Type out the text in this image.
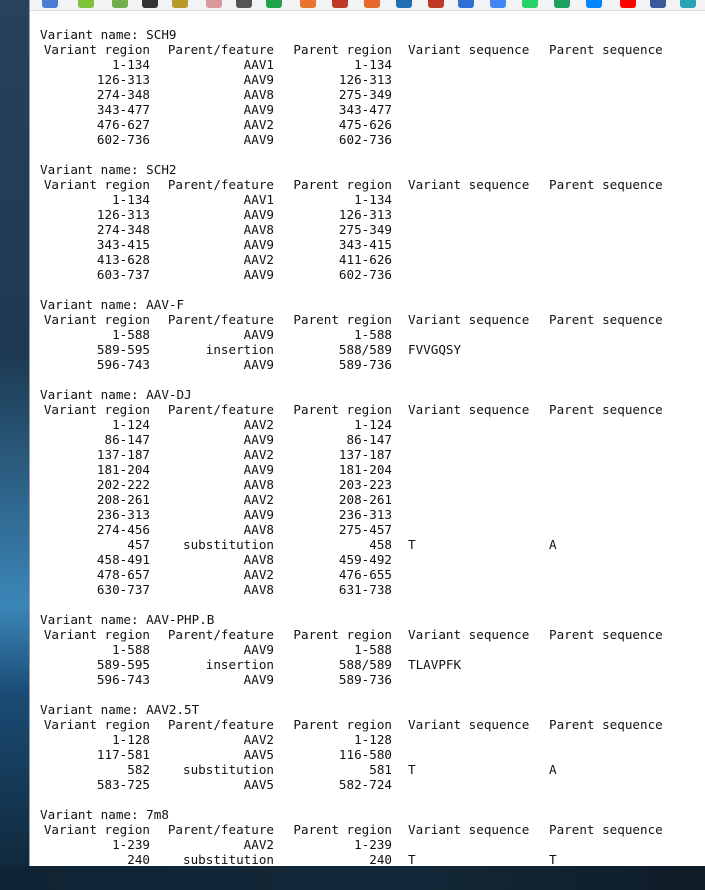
Variant name: SCH9
Variant region Parent/feature Parent region Variant sequence Parent sequence
1-134	AAV1	1-134
126-313	AAV9	126-313
274-348	AAV8	275-349
343-477	AAV9	343-477
476-627	AAV2	475-626
602-736	AAV9	602-736
Variant name: SCH2
Variant region Parent/feature Parent region Variant sequence Parent sequence
1-134	AAV1	1-134
126-313	AAV9	126-313
274-348	AAV8	275-349
343-415	AAV9	343-415
413-628	AAV2	411-626
603-737	AAV9	602-736
Variant name: AAV-F
Variant region Parent/feature Parent region Variant sequence Parent sequence
1-588	AAV9	1-588
589-595	insertion	588/589 FVVGQSY
596-743	AAV9	589-736
Variant name: AAV-DJ
Variant region Parent/feature Parent region Variant sequence Parent sequence
1-124	AAV2	1-124
86-147	AAV9	86-147
137-187	AAV2	137-187
181-204	AAV9	181-204
202-222	AAV8	203-223
208-261	AAV2	208-261
236-313	AAV9	236-313
274-456	AAV8	275-457
457	substitution	458 T	A
458-491	AAV8	459-492
478-657	AAV2	476-655
630-737	AAV8	631-738
Variant name: AAV-PHP.B
Variant region Parent/feature Parent region Variant sequence Parent sequence
1-588	AAV9	1-588
589-595	insertion	588/589 TLAVPFK
596-743	AAV9	589-736
Variant name: AAV2.5T
Variant region Parent/feature Parent region Variant sequence Parent sequence
1-128	AAV2	1-128
117-581	AAV5	116-580
582	substitution	581 T	A
583-725	AAV5	582-724
Variant name: 7m8
Variant region Parent/feature Parent region Variant sequence Parent sequence
1-239	AAV2	1-239
240	substitution	240 T	T
